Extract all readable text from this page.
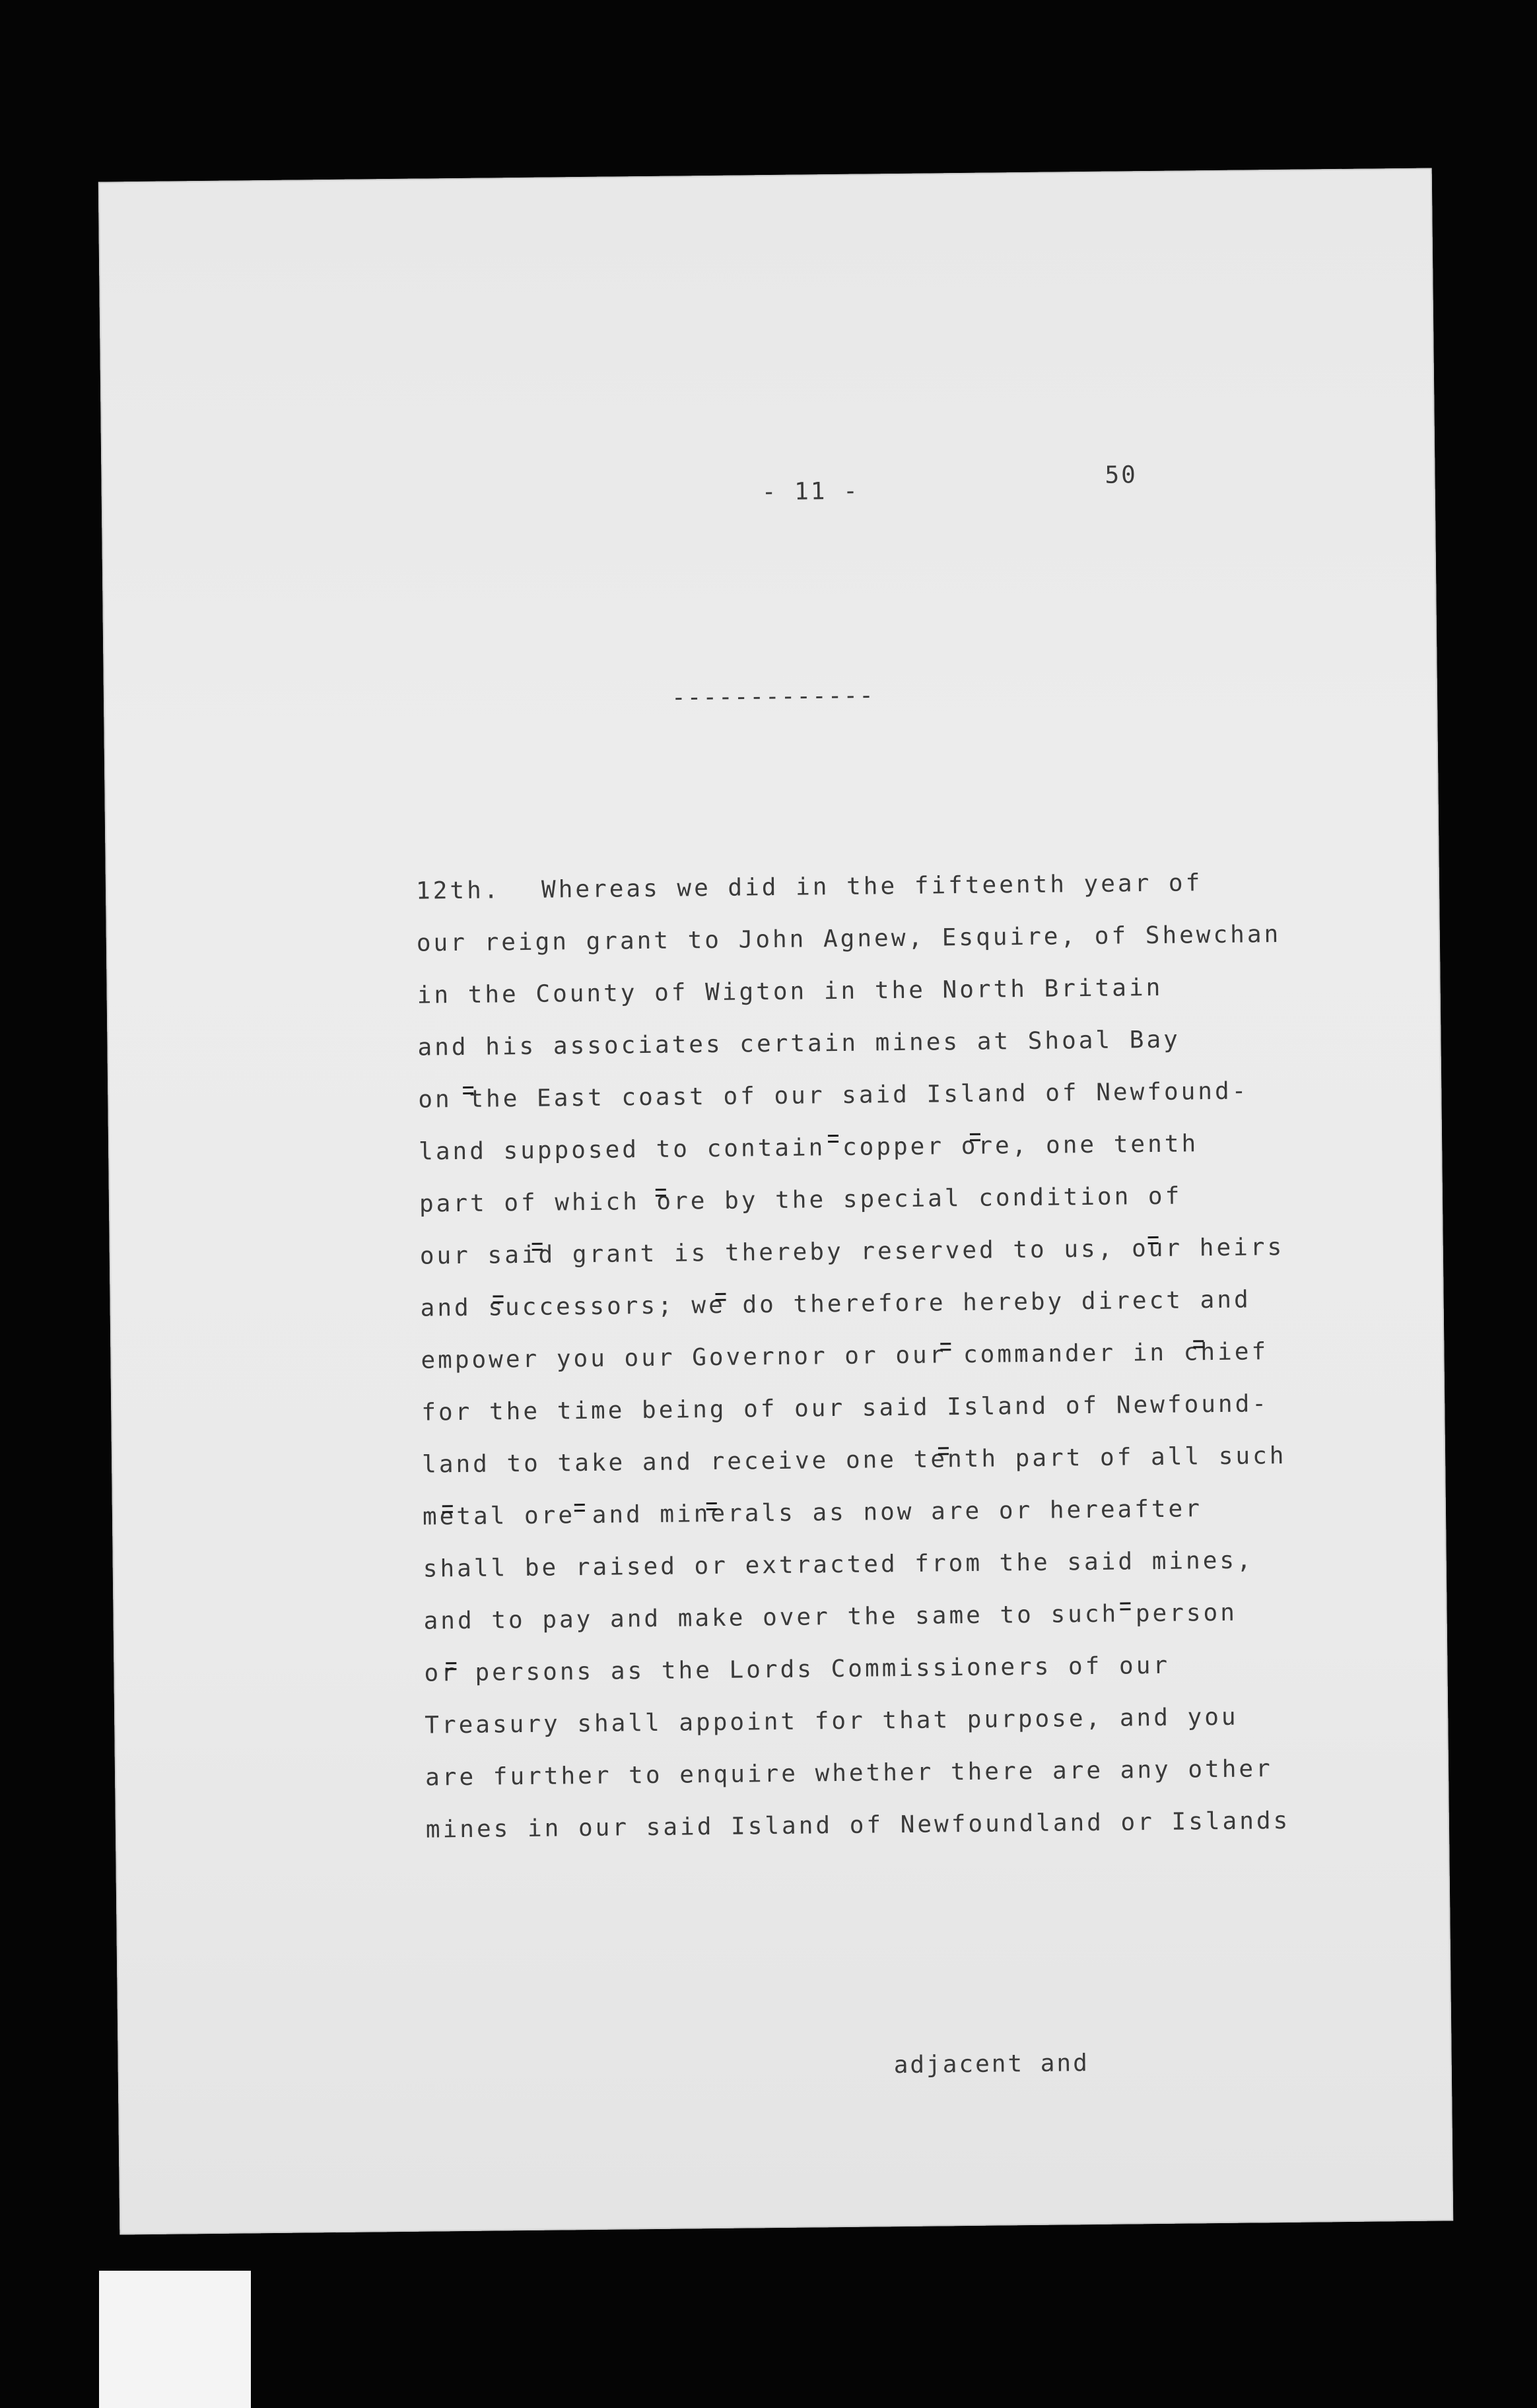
- 11 -
50
-------------
12th. Whereas we did in the fifteenth year of
our reign grant to John Agnew, Esquire, of Shewchan
in the County of Wigton in the North Britain
and his associates certain mines at Shoal Bay
on the East coast of our said Island of Newfound-
land supposed to contain copper ore, one tenth
part of which ore by the special condition of
our said grant is thereby reserved to us, our heirs
and successors; we do therefore hereby direct and
empower you our Governor or our commander in chief
for the time being of our said Island of Newfound-
land to take and receive one tenth part of all such
metal ore and minerals as now are or hereafter
shall be raised or extracted from the said mines,
and to pay and make over the same to such person
or persons as the Lords Commissioners of our
Treasury shall appoint for that purpose, and you
are further to enquire whether there are any other
mines in our said Island of Newfoundland or Islands
adjacent and
